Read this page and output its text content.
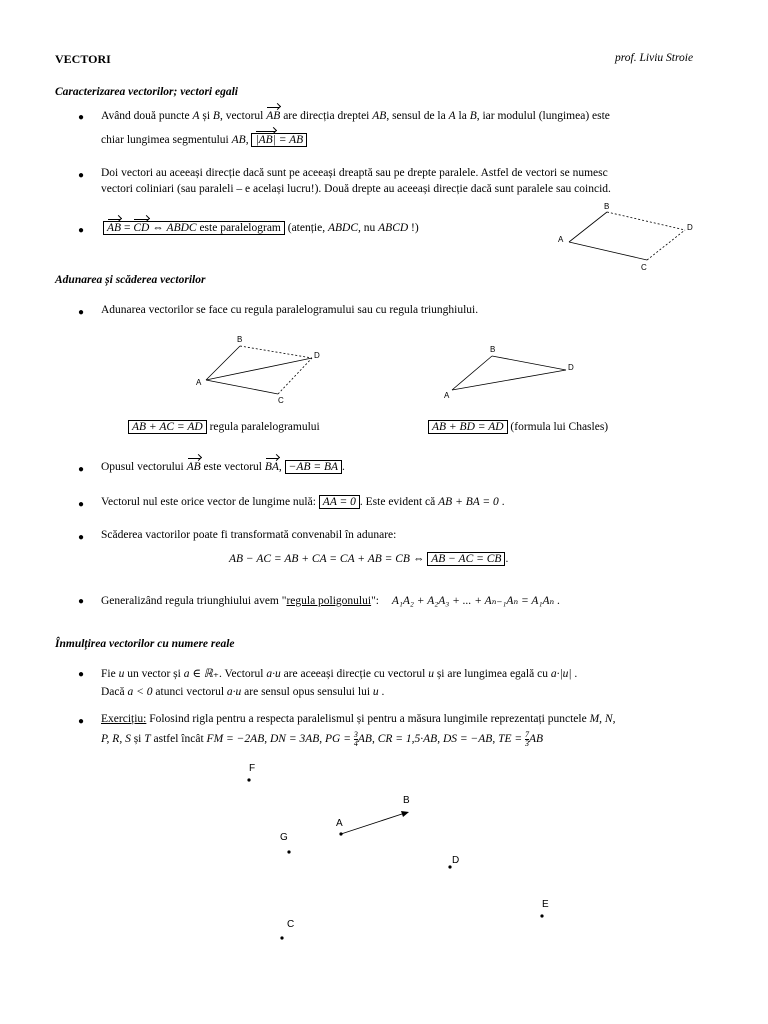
VECTORI	prof. Liviu Stroie
Caracterizarea vectorilor; vectori egali
● Având două puncte A și B, vectorul AB are direcția dreptei AB, sensul de la A la B, iar modulul (lungimea) este
chiar lungimea segmentului AB, |AB| = AB
● Doi vectori au aceeași direcție dacă sunt pe aceeași dreaptă sau pe drepte paralele. Astfel de vectori se numesc
vectori coliniari (sau paraleli – e același lucru!). Două drepte au aceeași direcție dacă sunt paralele sau coincid.
●	AB = CD ⇔ ABDC este paralelogram (atenție, ABDC, nu ABCD !)
A
B
C
D
Adunarea și scăderea vectorilor
● Adunarea vectorilor se face cu regula paralelogramului sau cu regula triunghiului.
A
B
C
D
A
B
D
AB + AC = AD regula paralelogramului	AB + BD = AD (formula lui Chasles)
● Opusul vectorului AB este vectorul BA, −AB = BA .
● Vectorul nul este orice vector de lungime nulă: AA = 0 . Este evident că AB + BA = 0 .
● Scăderea vactorilor poate fi transformată convenabil în adunare:
AB − AC = AB + CA = CA + AB = CB ⇔ AB − AC = CB .
● Generalizând regula triunghiului avem "regula poligonului": A₁A₂ + A₂A₃ + ... + Aₙ₋₁Aₙ = A₁Aₙ .
Înmulțirea vectorilor cu numere reale
● Fie u un vector și a ∈ ℝ₊. Vectorul a·u are aceeași direcție cu vectorul u și are lungimea egală cu a·|u| .
Dacă a < 0 atunci vectorul a·u are sensul opus sensului lui u .
● Exercițiu: Folosind rigla pentru a respecta paralelismul și pentru a măsura lungimile reprezentați punctele M, N,
P, R, S și T astfel încât FM = −2AB, DN = 3AB, PG = $\frac{3}{4}$ AB, CR = 1,5·AB, DS = −AB, TE = $\frac{7}{3}$ AB
F
A
B
G
D
E
C
